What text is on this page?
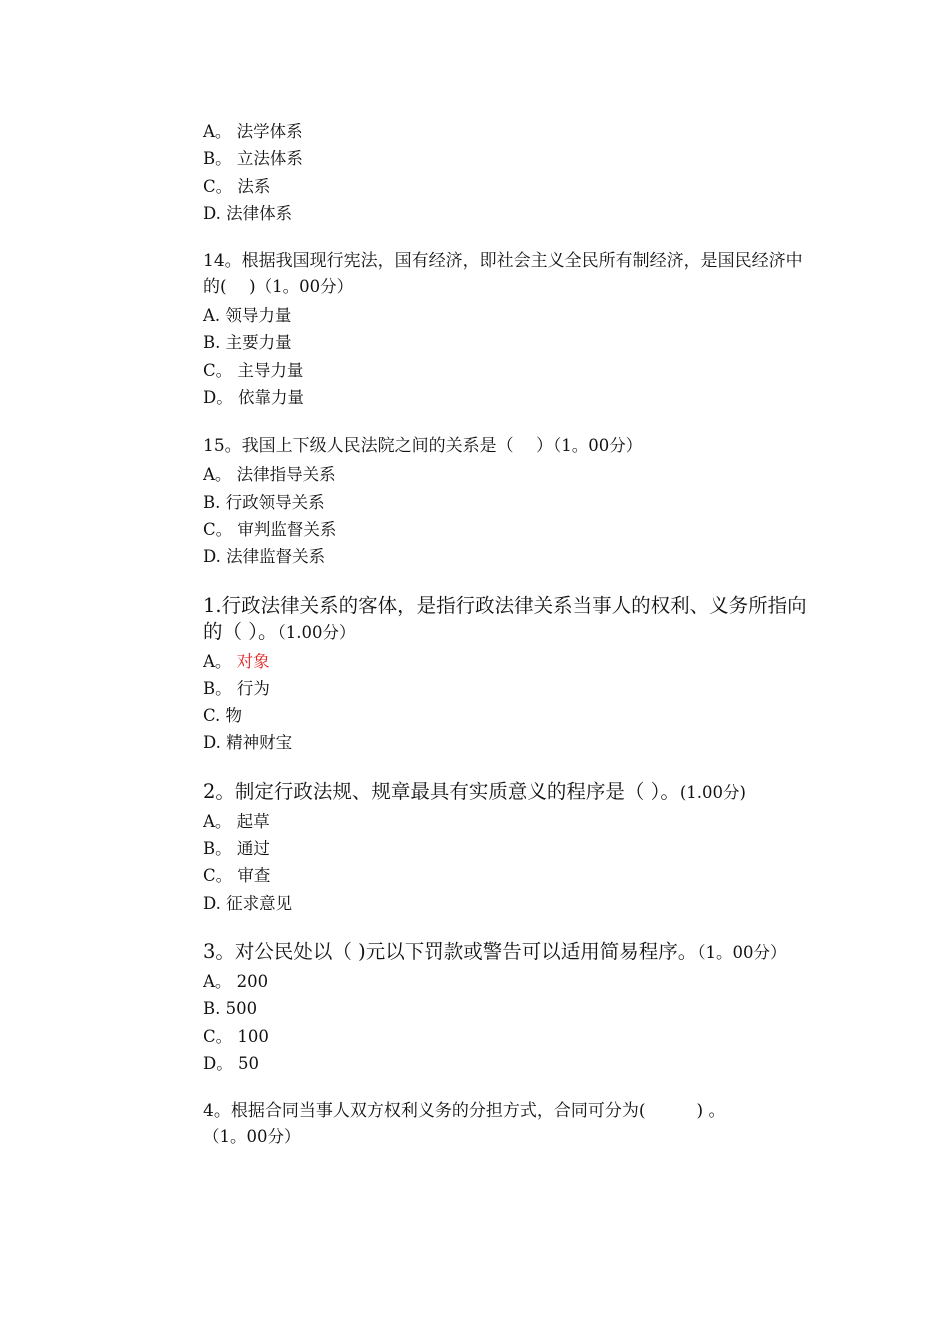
A。 法学体系
B。 立法体系
C。 法系
D. 法律体系
14。根据我国现行宪法，国有经济，即社会主义全民所有制经济，是国民经济中的(　 )（1。00分）
A. 领导力量
B. 主要力量
C。 主导力量
D。 依靠力量
15。我国上下级人民法院之间的关系是（　 ）（1。00分）
A。 法律指导关系
B. 行政领导关系
C。 审判监督关系
D. 法律监督关系
1.行政法律关系的客体，是指行政法律关系当事人的权利、义务所指向的（ ）。（1.00分）
A。 对象
B。 行为
C. 物
D. 精神财宝
2。制定行政法规、规章最具有实质意义的程序是（ ）。(1.00分)
A。 起草
B。 通过
C。 审查
D. 征求意见
3。对公民处以（ )元以下罚款或警告可以适用简易程序。（1。00分）
A。 200
B. 500
C。 100
D。 50
4。根据合同当事人双方权利义务的分担方式，合同可分为(　　　) 。（1。00分）
